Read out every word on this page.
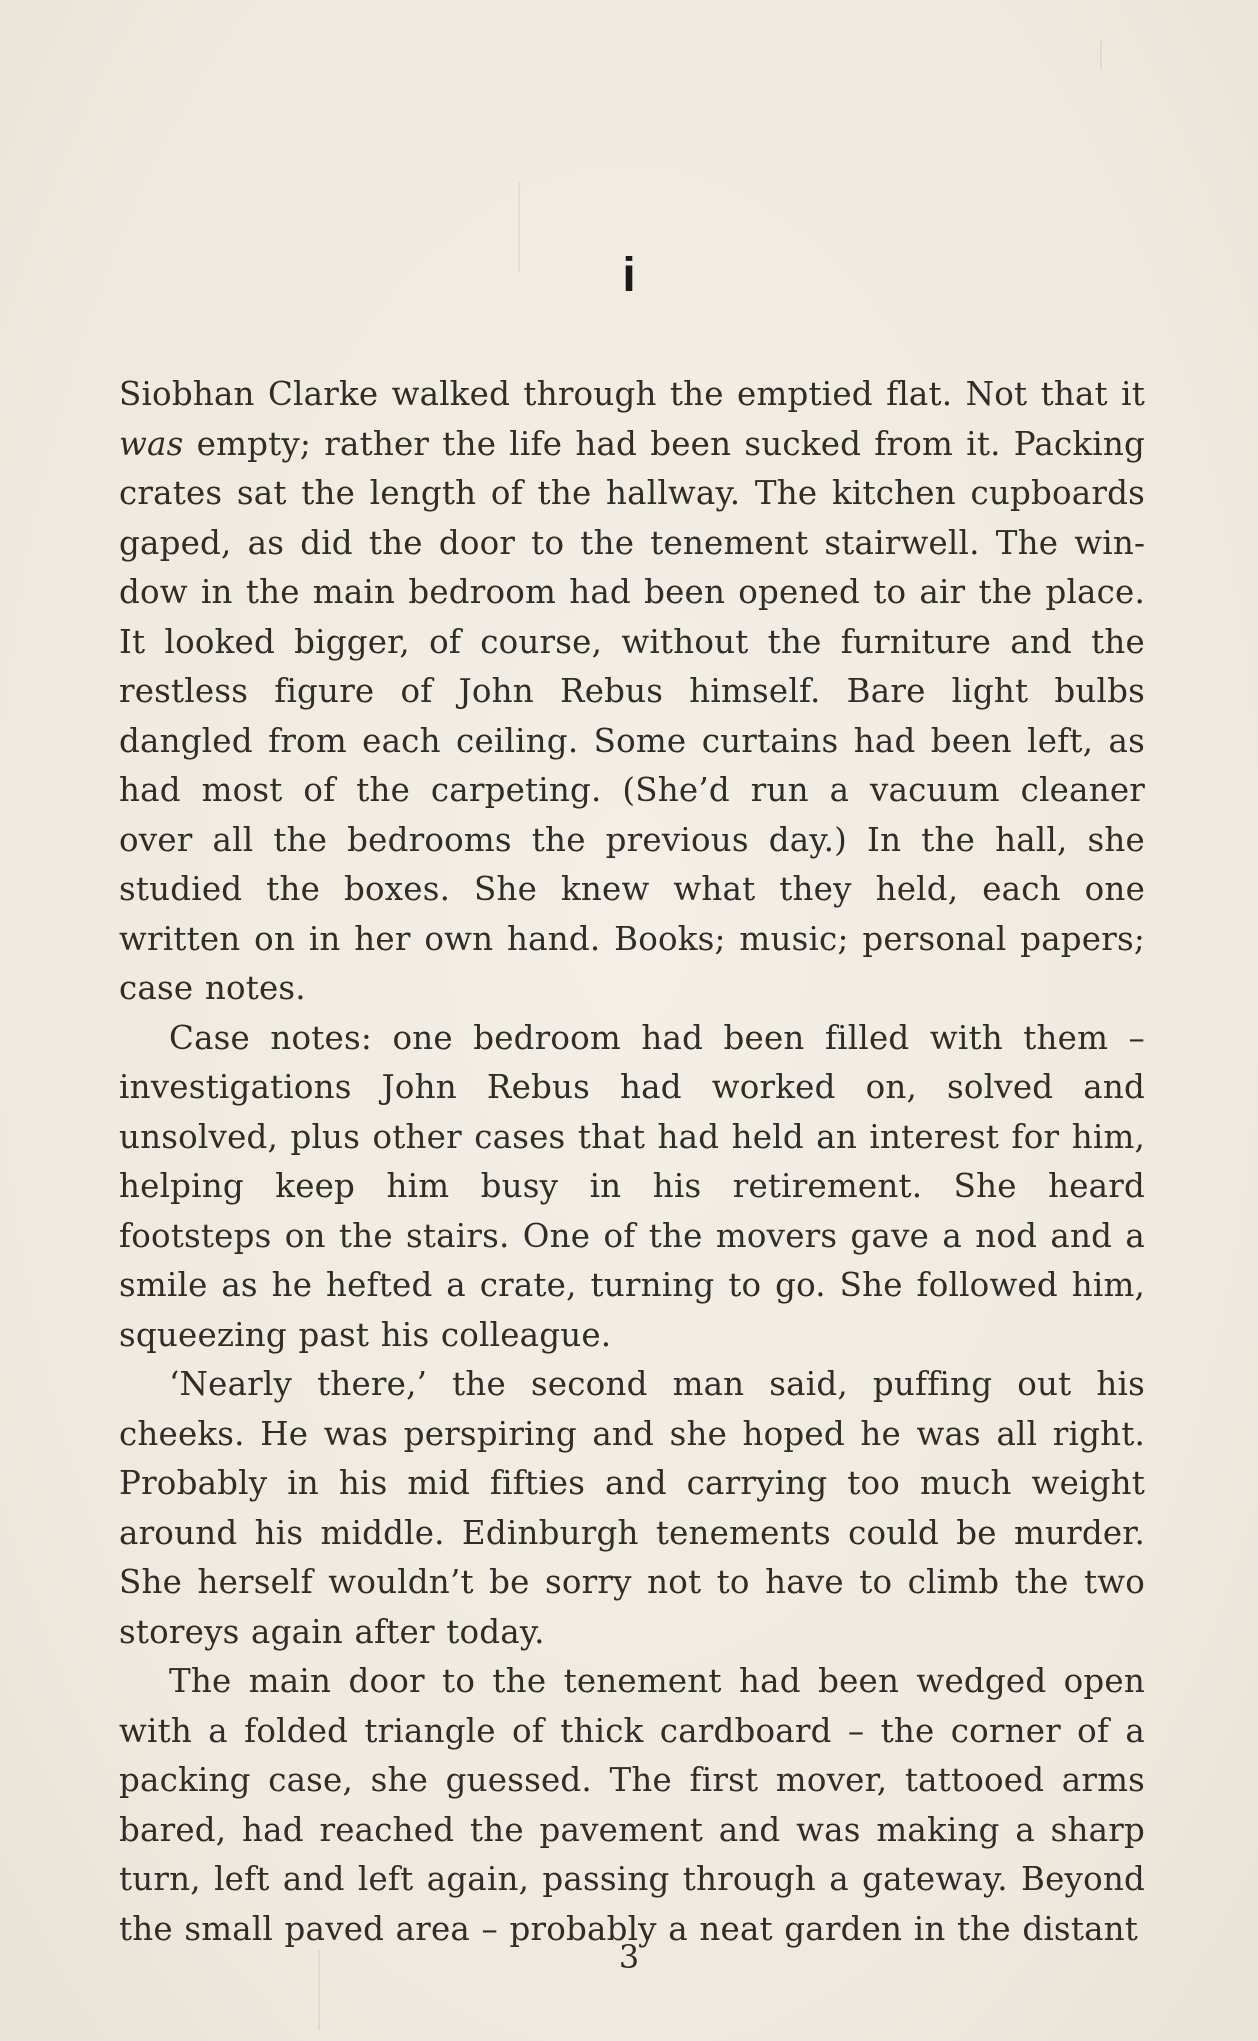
i

Siobhan Clarke walked through the emptied flat. Not that it was empty; rather the life had been sucked from it. Packing crates sat the length of the hallway. The kitchen cupboards gaped, as did the door to the tenement stairwell. The window in the main bedroom had been opened to air the place. It looked bigger, of course, without the furniture and the restless figure of John Rebus himself. Bare light bulbs dangled from each ceiling. Some curtains had been left, as had most of the carpeting. (She’d run a vacuum cleaner over all the bedrooms the previous day.) In the hall, she studied the boxes. She knew what they held, each one written on in her own hand. Books; music; personal papers; case notes.

Case notes: one bedroom had been filled with them – investigations John Rebus had worked on, solved and unsolved, plus other cases that had held an interest for him, helping keep him busy in his retirement. She heard footsteps on the stairs. One of the movers gave a nod and a smile as he hefted a crate, turning to go. She followed him, squeezing past his colleague.

‘Nearly there,’ the second man said, puffing out his cheeks. He was perspiring and she hoped he was all right. Probably in his mid fifties and carrying too much weight around his middle. Edinburgh tenements could be murder. She herself wouldn’t be sorry not to have to climb the two storeys again after today.

The main door to the tenement had been wedged open with a folded triangle of thick cardboard – the corner of a packing case, she guessed. The first mover, tattooed arms bared, had reached the pavement and was making a sharp turn, left and left again, passing through a gateway. Beyond the small paved area – probably a neat garden in the distant

3
